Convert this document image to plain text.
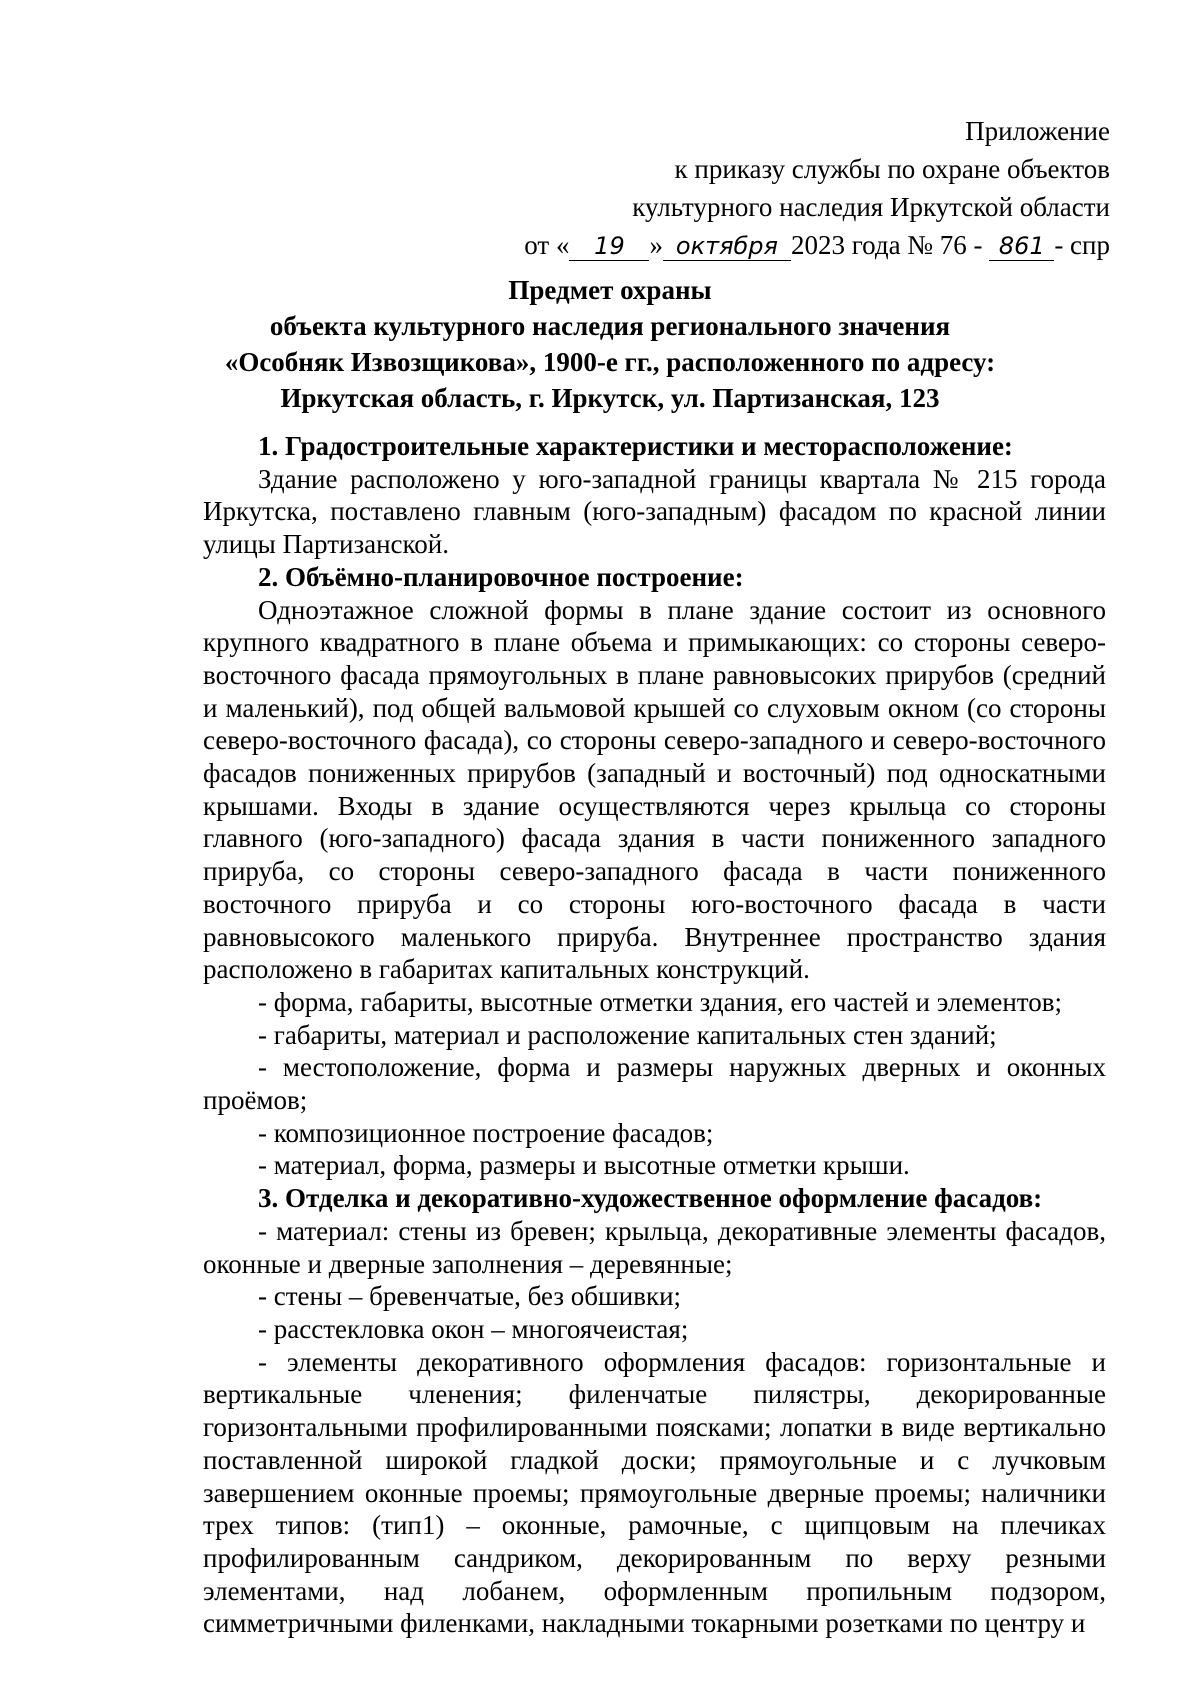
Приложение
к приказу службы по охране объектов
культурного наследия Иркутской области
от « 19 » октября 2023 года № 76 - 861 - спр
Предмет охраны
объекта культурного наследия регионального значения
«Особняк Извозщикова», 1900-е гг., расположенного по адресу:
Иркутская область, г. Иркутск, ул. Партизанская, 123
1. Градостроительные характеристики и месторасположение:
Здание расположено у юго-западной границы квартала № 215 города Иркутска, поставлено главным (юго-западным) фасадом по красной линии улицы Партизанской.
2. Объёмно-планировочное построение:
Одноэтажное сложной формы в плане здание состоит из основного крупного квадратного в плане объема и примыкающих: со стороны северо-восточного фасада прямоугольных в плане равновысоких прирубов (средний и маленький), под общей вальмовой крышей со слуховым окном (со стороны северо-восточного фасада), со стороны северо-западного и северо-восточного фасадов пониженных прирубов (западный и восточный) под односкатными крышами. Входы в здание осуществляются через крыльца со стороны главного (юго-западного) фасада здания в части пониженного западного прируба, со стороны северо-западного фасада в части пониженного восточного прируба и со стороны юго-восточного фасада в части равновысокого маленького прируба. Внутреннее пространство здания расположено в габаритах капитальных конструкций.
- форма, габариты, высотные отметки здания, его частей и элементов;
- габариты, материал и расположение капитальных стен зданий;
- местоположение, форма и размеры наружных дверных и оконных проёмов;
- композиционное построение фасадов;
- материал, форма, размеры и высотные отметки крыши.
3. Отделка и декоративно-художественное оформление фасадов:
- материал: стены из бревен; крыльца, декоративные элементы фасадов, оконные и дверные заполнения – деревянные;
- стены – бревенчатые, без обшивки;
- расстекловка окон – многоячеистая;
- элементы декоративного оформления фасадов: горизонтальные и вертикальные членения; филенчатые пилястры, декорированные горизонтальными профилированными поясками; лопатки в виде вертикально поставленной широкой гладкой доски; прямоугольные и с лучковым завершением оконные проемы; прямоугольные дверные проемы; наличники трех типов: (тип1) – оконные, рамочные, с щипцовым на плечиках профилированным сандриком, декорированным по верху резными элементами, над лобанем, оформленным пропильным подзором, симметричными филенками, накладными токарными розетками по центру и
